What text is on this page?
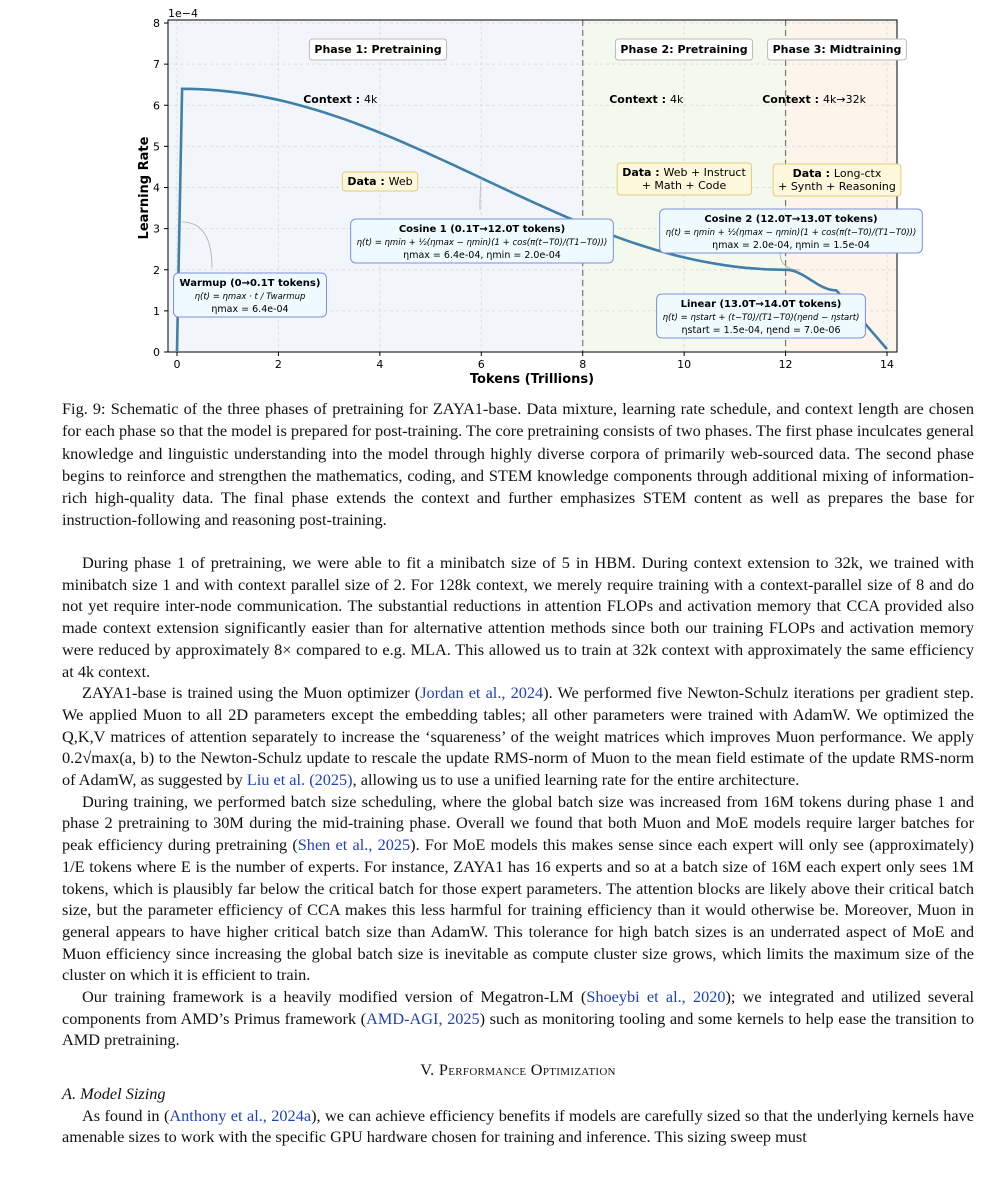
0	2	4	6	8	10	12	14
0
1
2
3
4
5
6
7
8
1e−4
Tokens (Trillions)
Learning Rate
Phase 1: Pretraining
Context : 4k
Phase 2: Pretraining
Context : 4k
Phase 3: Midtraining
Context : 4k→32k
Data : Web
Data : Web + Instruct
+ Math + Code
Data : Long-ctx
+ Synth + Reasoning
Warmup (0→0.1T tokens)
η(t) = ηmax · t / Twarmup
ηmax = 6.4e-04
Cosine 1 (0.1T→12.0T tokens)
η(t) = ηmin + ½(ηmax − ηmin)(1 + cos(π(t−T0)/(T1−T0)))
ηmax = 6.4e-04, ηmin = 2.0e-04
Cosine 2 (12.0T→13.0T tokens)
η(t) = ηmin + ½(ηmax − ηmin)(1 + cos(π(t−T0)/(T1−T0)))
ηmax = 2.0e-04, ηmin = 1.5e-04
Linear (13.0T→14.0T tokens)
η(t) = ηstart + (t−T0)/(T1−T0)(ηend − ηstart)
ηstart = 1.5e-04, ηend = 7.0e-06
Fig. 9: Schematic of the three phases of pretraining for ZAYA1-base. Data mixture, learning rate schedule, and context length are chosen for each phase so that the model is prepared for post-training. The core pretraining consists of two phases. The first phase inculcates general knowledge and linguistic understanding into the model through highly diverse corpora of primarily web-sourced data. The second phase begins to reinforce and strengthen the mathematics, coding, and STEM knowledge components through additional mixing of information-rich high-quality data. The final phase extends the context and further emphasizes STEM content as well as prepares the base for instruction-following and reasoning post-training.

During phase 1 of pretraining, we were able to fit a minibatch size of 5 in HBM. During context extension to 32k, we trained with minibatch size 1 and with context parallel size of 2. For 128k context, we merely require training with a context-parallel size of 8 and do not yet require inter-node communication. The substantial reductions in attention FLOPs and activation memory that CCA provided also made context extension significantly easier than for alternative attention methods since both our training FLOPs and activation memory were reduced by approximately 8× compared to e.g. MLA. This allowed us to train at 32k context with approximately the same efficiency at 4k context.

ZAYA1-base is trained using the Muon optimizer (Jordan et al., 2024). We performed five Newton-Schulz iterations per gradient step. We applied Muon to all 2D parameters except the embedding tables; all other parameters were trained with AdamW. We optimized the Q,K,V matrices of attention separately to increase the ‘squareness’ of the weight matrices which improves Muon performance. We apply 0.2√max(a, b) to the Newton-Schulz update to rescale the update RMS-norm of Muon to the mean field estimate of the update RMS-norm of AdamW, as suggested by Liu et al. (2025), allowing us to use a unified learning rate for the entire architecture.

During training, we performed batch size scheduling, where the global batch size was increased from 16M tokens during phase 1 and phase 2 pretraining to 30M during the mid-training phase. Overall we found that both Muon and MoE models require larger batches for peak efficiency during pretraining (Shen et al., 2025). For MoE models this makes sense since each expert will only see (approximately) 1/E tokens where E is the number of experts. For instance, ZAYA1 has 16 experts and so at a batch size of 16M each expert only sees 1M tokens, which is plausibly far below the critical batch for those expert parameters. The attention blocks are likely above their critical batch size, but the parameter efficiency of CCA makes this less harmful for training efficiency than it would otherwise be. Moreover, Muon in general appears to have higher critical batch size than AdamW. This tolerance for high batch sizes is an underrated aspect of MoE and Muon efficiency since increasing the global batch size is inevitable as compute cluster size grows, which limits the maximum size of the cluster on which it is efficient to train.

Our training framework is a heavily modified version of Megatron-LM (Shoeybi et al., 2020); we integrated and utilized several components from AMD’s Primus framework (AMD-AGI, 2025) such as monitoring tooling and some kernels to help ease the transition to AMD pretraining.

V. Performance Optimization

A. Model Sizing

As found in (Anthony et al., 2024a), we can achieve efficiency benefits if models are carefully sized so that the underlying kernels have amenable sizes to work with the specific GPU hardware chosen for training and inference. This sizing sweep must
